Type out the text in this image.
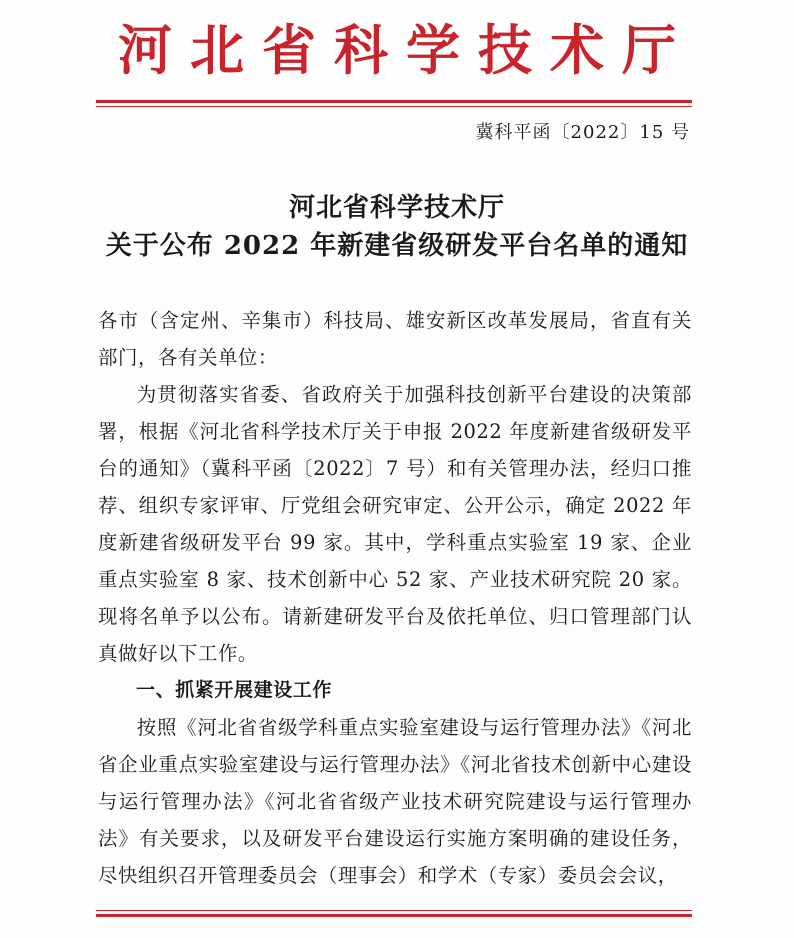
河北省科学技术厅
冀科平函〔2022〕15 号
河北省科学技术厅
关于公布 2022 年新建省级研发平台名单的通知

各市（含定州、辛集市）科技局、雄安新区改革发展局，省直有关部门，各有关单位：

为贯彻落实省委、省政府关于加强科技创新平台建设的决策部署，根据《河北省科学技术厅关于申报 2022 年度新建省级研发平台的通知》（冀科平函〔2022〕7 号）和有关管理办法，经归口推荐、组织专家评审、厅党组会研究审定、公开公示，确定 2022 年度新建省级研发平台 99 家。其中，学科重点实验室 19 家、企业重点实验室 8 家、技术创新中心 52 家、产业技术研究院 20 家。现将名单予以公布。请新建研发平台及依托单位、归口管理部门认真做好以下工作。

一、抓紧开展建设工作

按照《河北省省级学科重点实验室建设与运行管理办法》《河北省企业重点实验室建设与运行管理办法》《河北省技术创新中心建设与运行管理办法》《河北省省级产业技术研究院建设与运行管理办法》有关要求，以及研发平台建设运行实施方案明确的建设任务，尽快组织召开管理委员会（理事会）和学术（专家）委员会会议，
